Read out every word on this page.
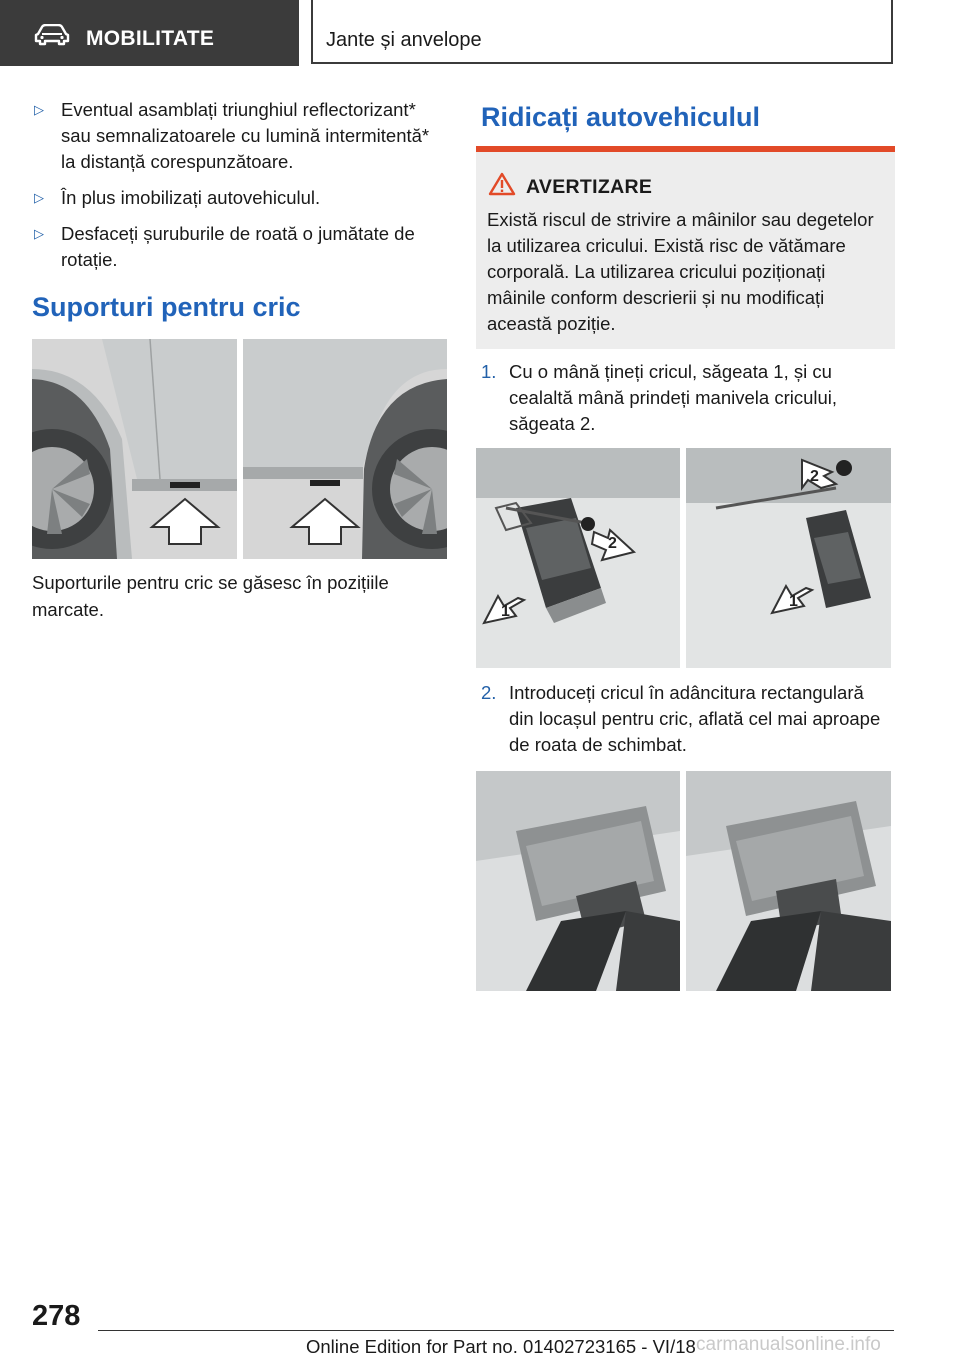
MOBILITATE	Jante și anvelope
▷ Eventual asamblați triunghiul reflectorizant* sau semnalizatoarele cu lumină intermitentă* la distanță corespunzătoare.
▷ În plus imobilizați autovehiculul.
▷ Desfaceți șuruburile de roată o jumătate de rotație.
Suporturi pentru cric
Suporturile pentru cric se găsesc în pozițiile marcate.
Ridicați autovehiculul
AVERTIZARE
Există riscul de strivire a mâinilor sau degetelor la utilizarea cricului. Există risc de vătămare corporală. La utilizarea cricului poziționați mâinile conform descrierii și nu modificați această poziție.
1. Cu o mână țineți cricul, săgeata 1, și cu cealaltă mână prindeți manivela cricului, săgeata 2.
1
2
2
1
2. Introduceți cricul în adâncitura rectangulară din locașul pentru cric, aflată cel mai aproape de roata de schimbat.
278
Online Edition for Part no. 01402723165 - VI/18 carmanualsonline.info
